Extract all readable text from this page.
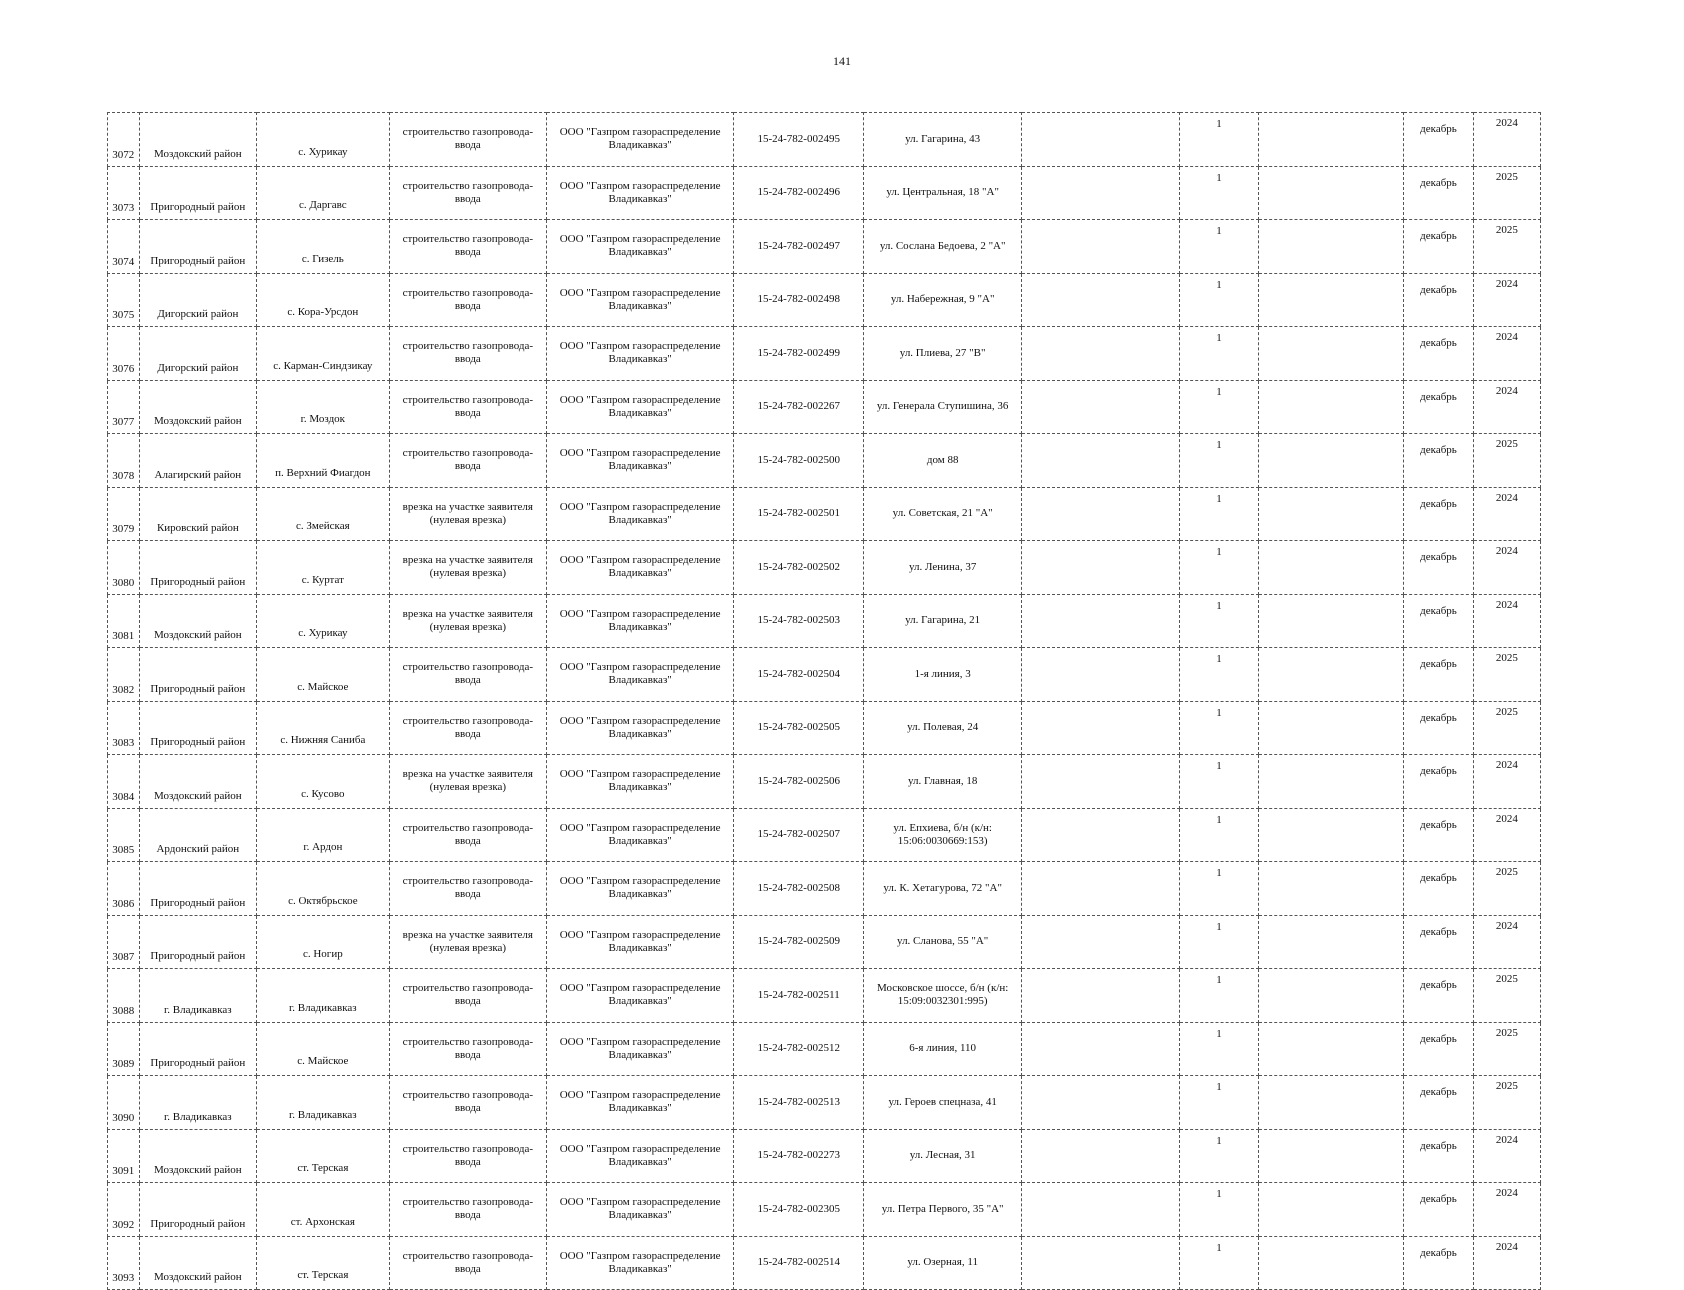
141
3072	Моздокский район	с. Хурикау	строительство газопровода-ввода	ООО "Газпром газораспределение Владикавказ"	15-24-782-002495	ул. Гагарина, 43		1		декабрь	2024
3073	Пригородный район	с. Даргавс	строительство газопровода-ввода	ООО "Газпром газораспределение Владикавказ"	15-24-782-002496	ул. Центральная, 18 "А"		1		декабрь	2025
3074	Пригородный район	с. Гизель	строительство газопровода-ввода	ООО "Газпром газораспределение Владикавказ"	15-24-782-002497	ул. Сослана Бедоева, 2 "А"		1		декабрь	2025
3075	Дигорский район	с. Кора-Урсдон	строительство газопровода-ввода	ООО "Газпром газораспределение Владикавказ"	15-24-782-002498	ул. Набережная, 9 "А"		1		декабрь	2024
3076	Дигорский район	с. Карман-Синдзикау	строительство газопровода-ввода	ООО "Газпром газораспределение Владикавказ"	15-24-782-002499	ул. Плиева, 27 "В"		1		декабрь	2024
3077	Моздокский район	г. Моздок	строительство газопровода-ввода	ООО "Газпром газораспределение Владикавказ"	15-24-782-002267	ул. Генерала Ступишина, 36		1		декабрь	2024
3078	Алагирский район	п. Верхний Фиагдон	строительство газопровода-ввода	ООО "Газпром газораспределение Владикавказ"	15-24-782-002500	дом 88		1		декабрь	2025
3079	Кировский район	с. Змейская	врезка на участке заявителя (нулевая врезка)	ООО "Газпром газораспределение Владикавказ"	15-24-782-002501	ул. Советская, 21 "А"		1		декабрь	2024
3080	Пригородный район	с. Куртат	врезка на участке заявителя (нулевая врезка)	ООО "Газпром газораспределение Владикавказ"	15-24-782-002502	ул. Ленина, 37		1		декабрь	2024
3081	Моздокский район	с. Хурикау	врезка на участке заявителя (нулевая врезка)	ООО "Газпром газораспределение Владикавказ"	15-24-782-002503	ул. Гагарина, 21		1		декабрь	2024
3082	Пригородный район	с. Майское	строительство газопровода-ввода	ООО "Газпром газораспределение Владикавказ"	15-24-782-002504	1-я линия, 3		1		декабрь	2025
3083	Пригородный район	с. Нижняя Саниба	строительство газопровода-ввода	ООО "Газпром газораспределение Владикавказ"	15-24-782-002505	ул. Полевая, 24		1		декабрь	2025
3084	Моздокский район	с. Кусово	врезка на участке заявителя (нулевая врезка)	ООО "Газпром газораспределение Владикавказ"	15-24-782-002506	ул. Главная, 18		1		декабрь	2024
3085	Ардонский район	г. Ардон	строительство газопровода-ввода	ООО "Газпром газораспределение Владикавказ"	15-24-782-002507	ул. Епхиева, б/н (к/н: 15:06:0030669:153)		1		декабрь	2024
3086	Пригородный район	с. Октябрьское	строительство газопровода-ввода	ООО "Газпром газораспределение Владикавказ"	15-24-782-002508	ул. К. Хетагурова, 72 "А"		1		декабрь	2025
3087	Пригородный район	с. Ногир	врезка на участке заявителя (нулевая врезка)	ООО "Газпром газораспределение Владикавказ"	15-24-782-002509	ул. Сланова, 55 "А"		1		декабрь	2024
3088	г. Владикавказ	г. Владикавказ	строительство газопровода-ввода	ООО "Газпром газораспределение Владикавказ"	15-24-782-002511	Московское шоссе, б/н (к/н: 15:09:0032301:995)		1		декабрь	2025
3089	Пригородный район	с. Майское	строительство газопровода-ввода	ООО "Газпром газораспределение Владикавказ"	15-24-782-002512	6-я линия, 110		1		декабрь	2025
3090	г. Владикавказ	г. Владикавказ	строительство газопровода-ввода	ООО "Газпром газораспределение Владикавказ"	15-24-782-002513	ул. Героев спецназа, 41		1		декабрь	2025
3091	Моздокский район	ст. Терская	строительство газопровода-ввода	ООО "Газпром газораспределение Владикавказ"	15-24-782-002273	ул. Лесная, 31		1		декабрь	2024
3092	Пригородный район	ст. Архонская	строительство газопровода-ввода	ООО "Газпром газораспределение Владикавказ"	15-24-782-002305	ул. Петра Первого, 35 "А"		1		декабрь	2024
3093	Моздокский район	ст. Терская	строительство газопровода-ввода	ООО "Газпром газораспределение Владикавказ"	15-24-782-002514	ул. Озерная, 11		1		декабрь	2024
